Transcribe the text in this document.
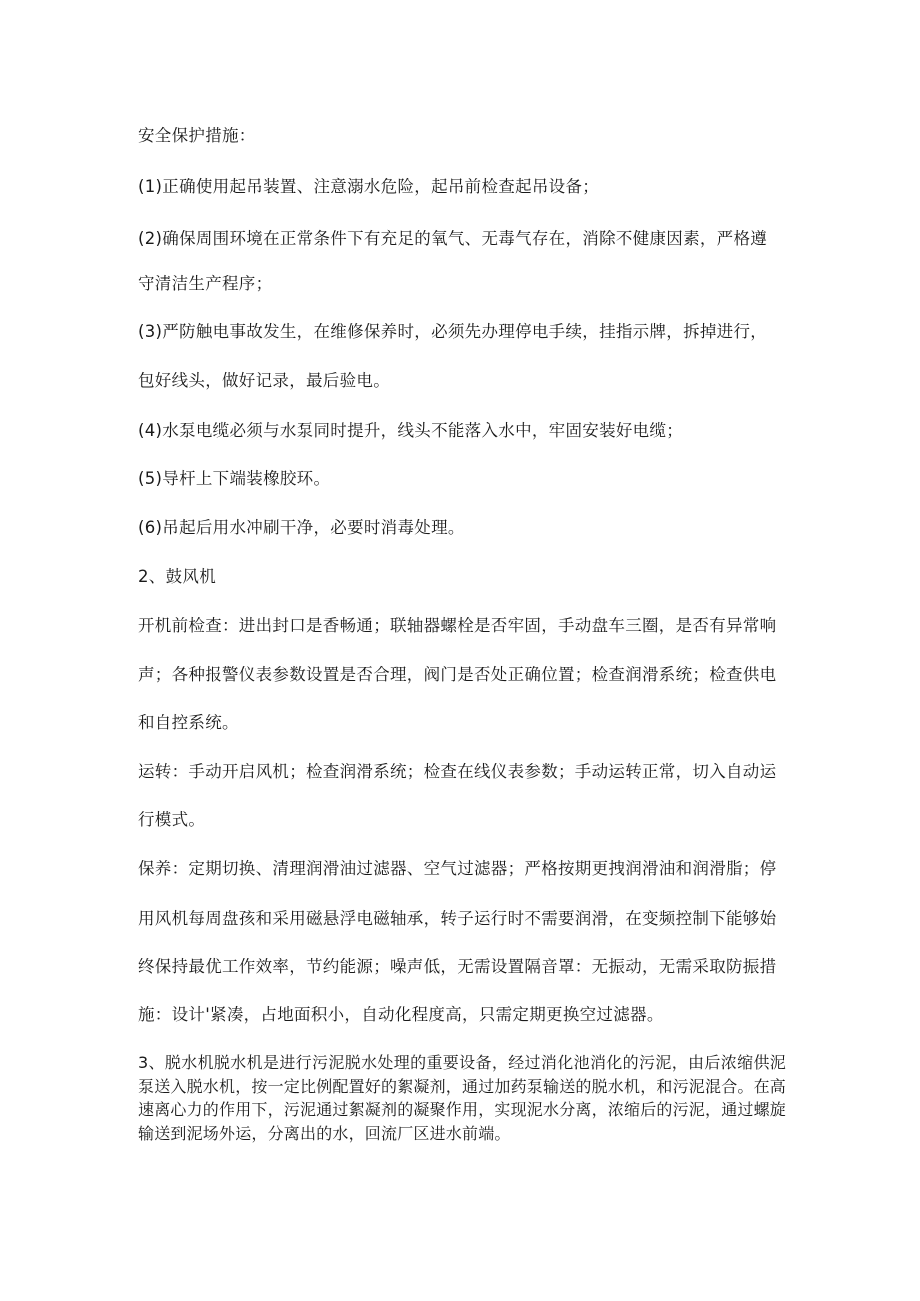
安全保护措施：
(1)正确使用起吊装置、注意溺水危险，起吊前检查起吊设备；
(2)确保周围环境在正常条件下有充足的氧气、无毒气存在，消除不健康因素，严格遵
守清洁生产程序；
(3)严防触电事故发生，在维修保养时，必须先办理停电手续，挂指示牌，拆掉进行，
包好线头，做好记录，最后验电。
(4)水泵电缆必须与水泵同时提升，线头不能落入水中，牢固安装好电缆；
(5)导杆上下端装橡胶环。
(6)吊起后用水冲刷干净，必要时消毒处理。
2、鼓风机
开机前检查：进出封口是香畅通；联轴器螺栓是否牢固，手动盘车三圈，是否有异常响
声；各种报警仪表参数设置是否合理，阀门是否处正确位置；检查润滑系统；检查供电
和自控系统。
运转：手动开启风机；检查润滑系统；检查在线仪表参数；手动运转正常，切入自动运
行模式。
保养：定期切换、清理润滑油过滤器、空气过滤器；严格按期更拽润滑油和润滑脂；停
用风机每周盘孩和采用磁悬浮电磁轴承，转子运行时不需要润滑，在变频控制下能够始
终保持最优工作效率，节约能源；噪声低，无需设置隔音罩：无振动，无需采取防振措
施：设计'紧凑，占地面积小，自动化程度高，只需定期更换空过滤器。
3、脱水机脱水机是进行污泥脱水处理的重要设备，经过消化池消化的污泥，由后浓缩供泥泵送入脱水机，按一定比例配置好的絮凝剂，通过加药泵输送的脱水机，和污泥混合。在高速离心力的作用下，污泥通过絮凝剂的凝聚作用，实现泥水分离，浓缩后的污泥，通过螺旋输送到泥场外运，分离出的水，回流厂区进水前端。
